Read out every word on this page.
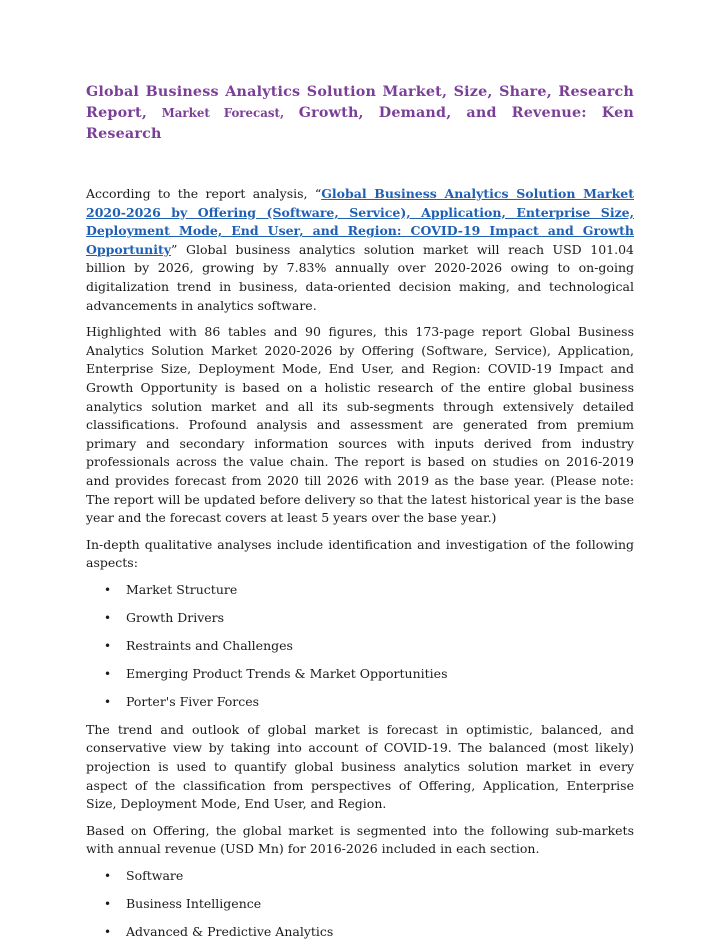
Global Business Analytics Solution Market, Size, Share, Research Report, Market Forecast, Growth, Demand, and Revenue: Ken Research

According to the report analysis, “Global Business Analytics Solution Market 2020-2026 by Offering (Software, Service), Application, Enterprise Size, Deployment Mode, End User, and Region: COVID-19 Impact and Growth Opportunity” Global business analytics solution market will reach USD 101.04 billion by 2026, growing by 7.83% annually over 2020-2026 owing to on-going digitalization trend in business, data-oriented decision making, and technological advancements in analytics software.

Highlighted with 86 tables and 90 figures, this 173-page report Global Business Analytics Solution Market 2020-2026 by Offering (Software, Service), Application, Enterprise Size, Deployment Mode, End User, and Region: COVID-19 Impact and Growth Opportunity is based on a holistic research of the entire global business analytics solution market and all its sub-segments through extensively detailed classifications. Profound analysis and assessment are generated from premium primary and secondary information sources with inputs derived from industry professionals across the value chain. The report is based on studies on 2016-2019 and provides forecast from 2020 till 2026 with 2019 as the base year. (Please note: The report will be updated before delivery so that the latest historical year is the base year and the forecast covers at least 5 years over the base year.)

In-depth qualitative analyses include identification and investigation of the following aspects:

• Market Structure
• Growth Drivers
• Restraints and Challenges
• Emerging Product Trends & Market Opportunities
• Porter's Fiver Forces

The trend and outlook of global market is forecast in optimistic, balanced, and conservative view by taking into account of COVID-19. The balanced (most likely) projection is used to quantify global business analytics solution market in every aspect of the classification from perspectives of Offering, Application, Enterprise Size, Deployment Mode, End User, and Region.

Based on Offering, the global market is segmented into the following sub-markets with annual revenue (USD Mn) for 2016-2026 included in each section.

• Software
• Business Intelligence
• Advanced & Predictive Analytics
